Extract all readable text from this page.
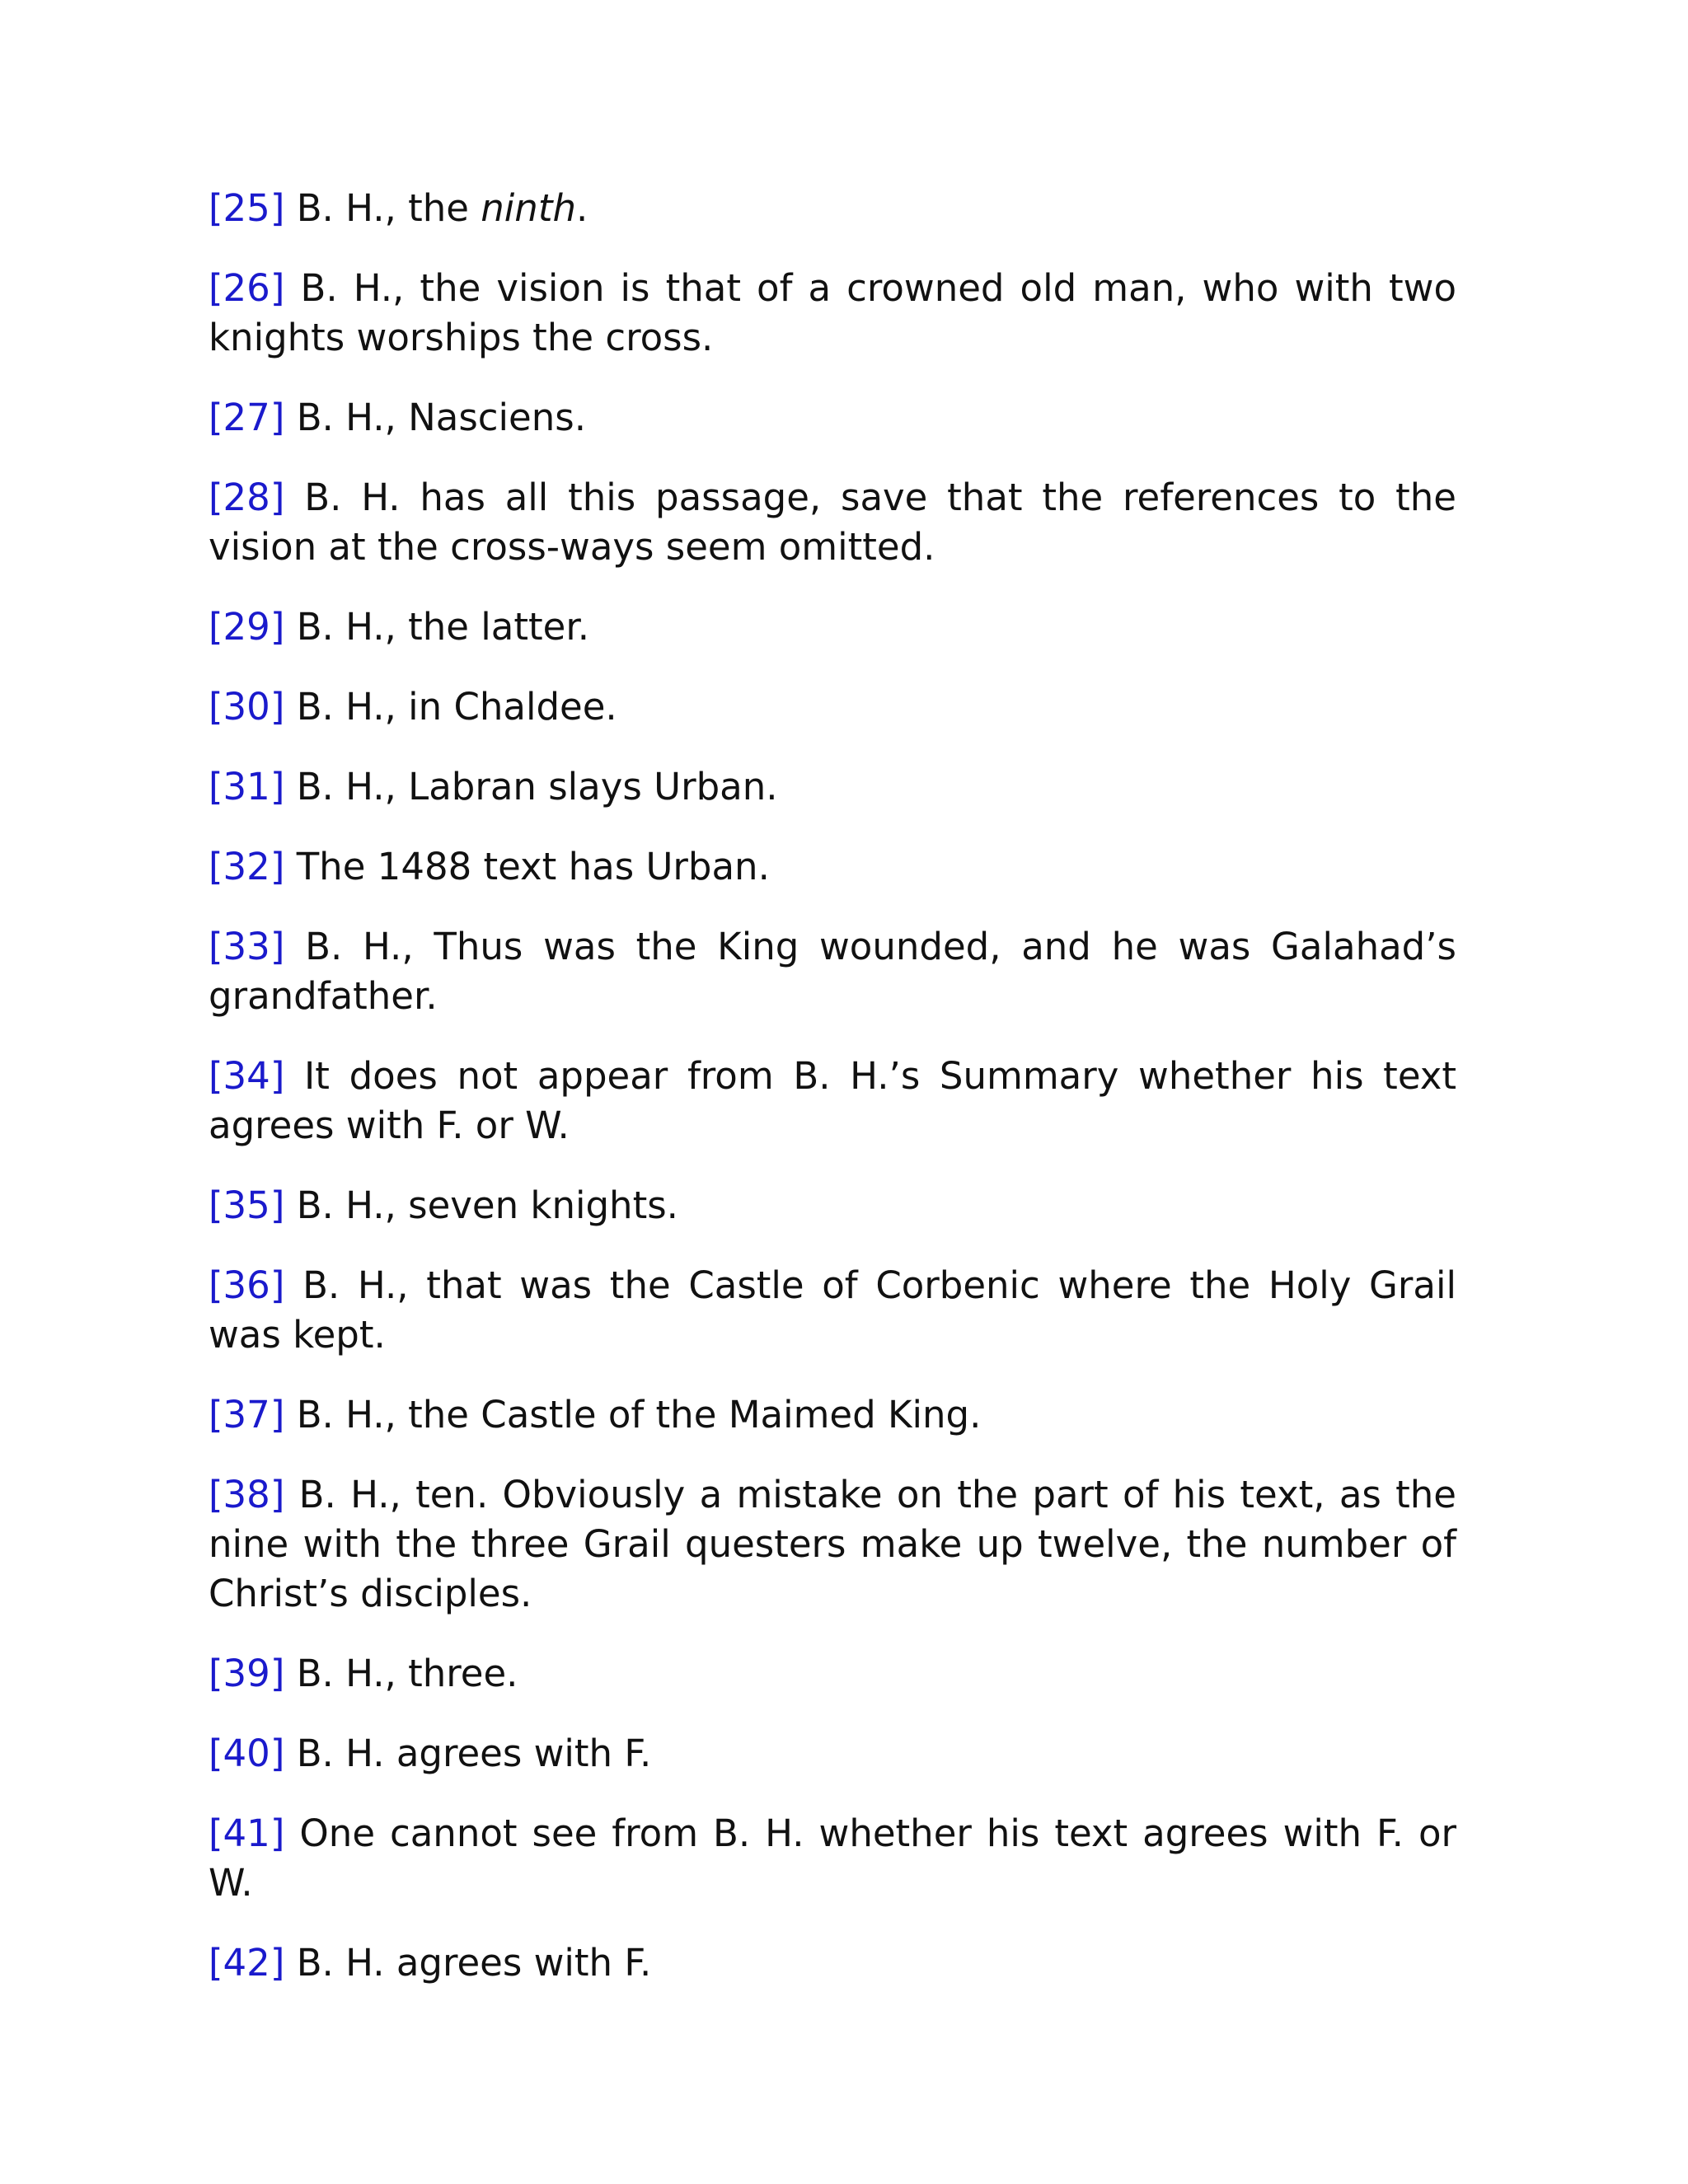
[25] B. H., the ninth.

[26] B. H., the vision is that of a crowned old man, who with two knights worships the cross.

[27] B. H., Nasciens.

[28] B. H. has all this passage, save that the references to the vision at the cross-ways seem omitted.

[29] B. H., the latter.

[30] B. H., in Chaldee.

[31] B. H., Labran slays Urban.

[32] The 1488 text has Urban.

[33] B. H., Thus was the King wounded, and he was Galahad’s grandfather.

[34] It does not appear from B. H.’s Summary whether his text agrees with F. or W.

[35] B. H., seven knights.

[36] B. H., that was the Castle of Corbenic where the Holy Grail was kept.

[37] B. H., the Castle of the Maimed King.

[38] B. H., ten. Obviously a mistake on the part of his text, as the nine with the three Grail questers make up twelve, the number of Christ’s disciples.

[39] B. H., three.

[40] B. H. agrees with F.

[41] One cannot see from B. H. whether his text agrees with F. or W.

[42] B. H. agrees with F.
